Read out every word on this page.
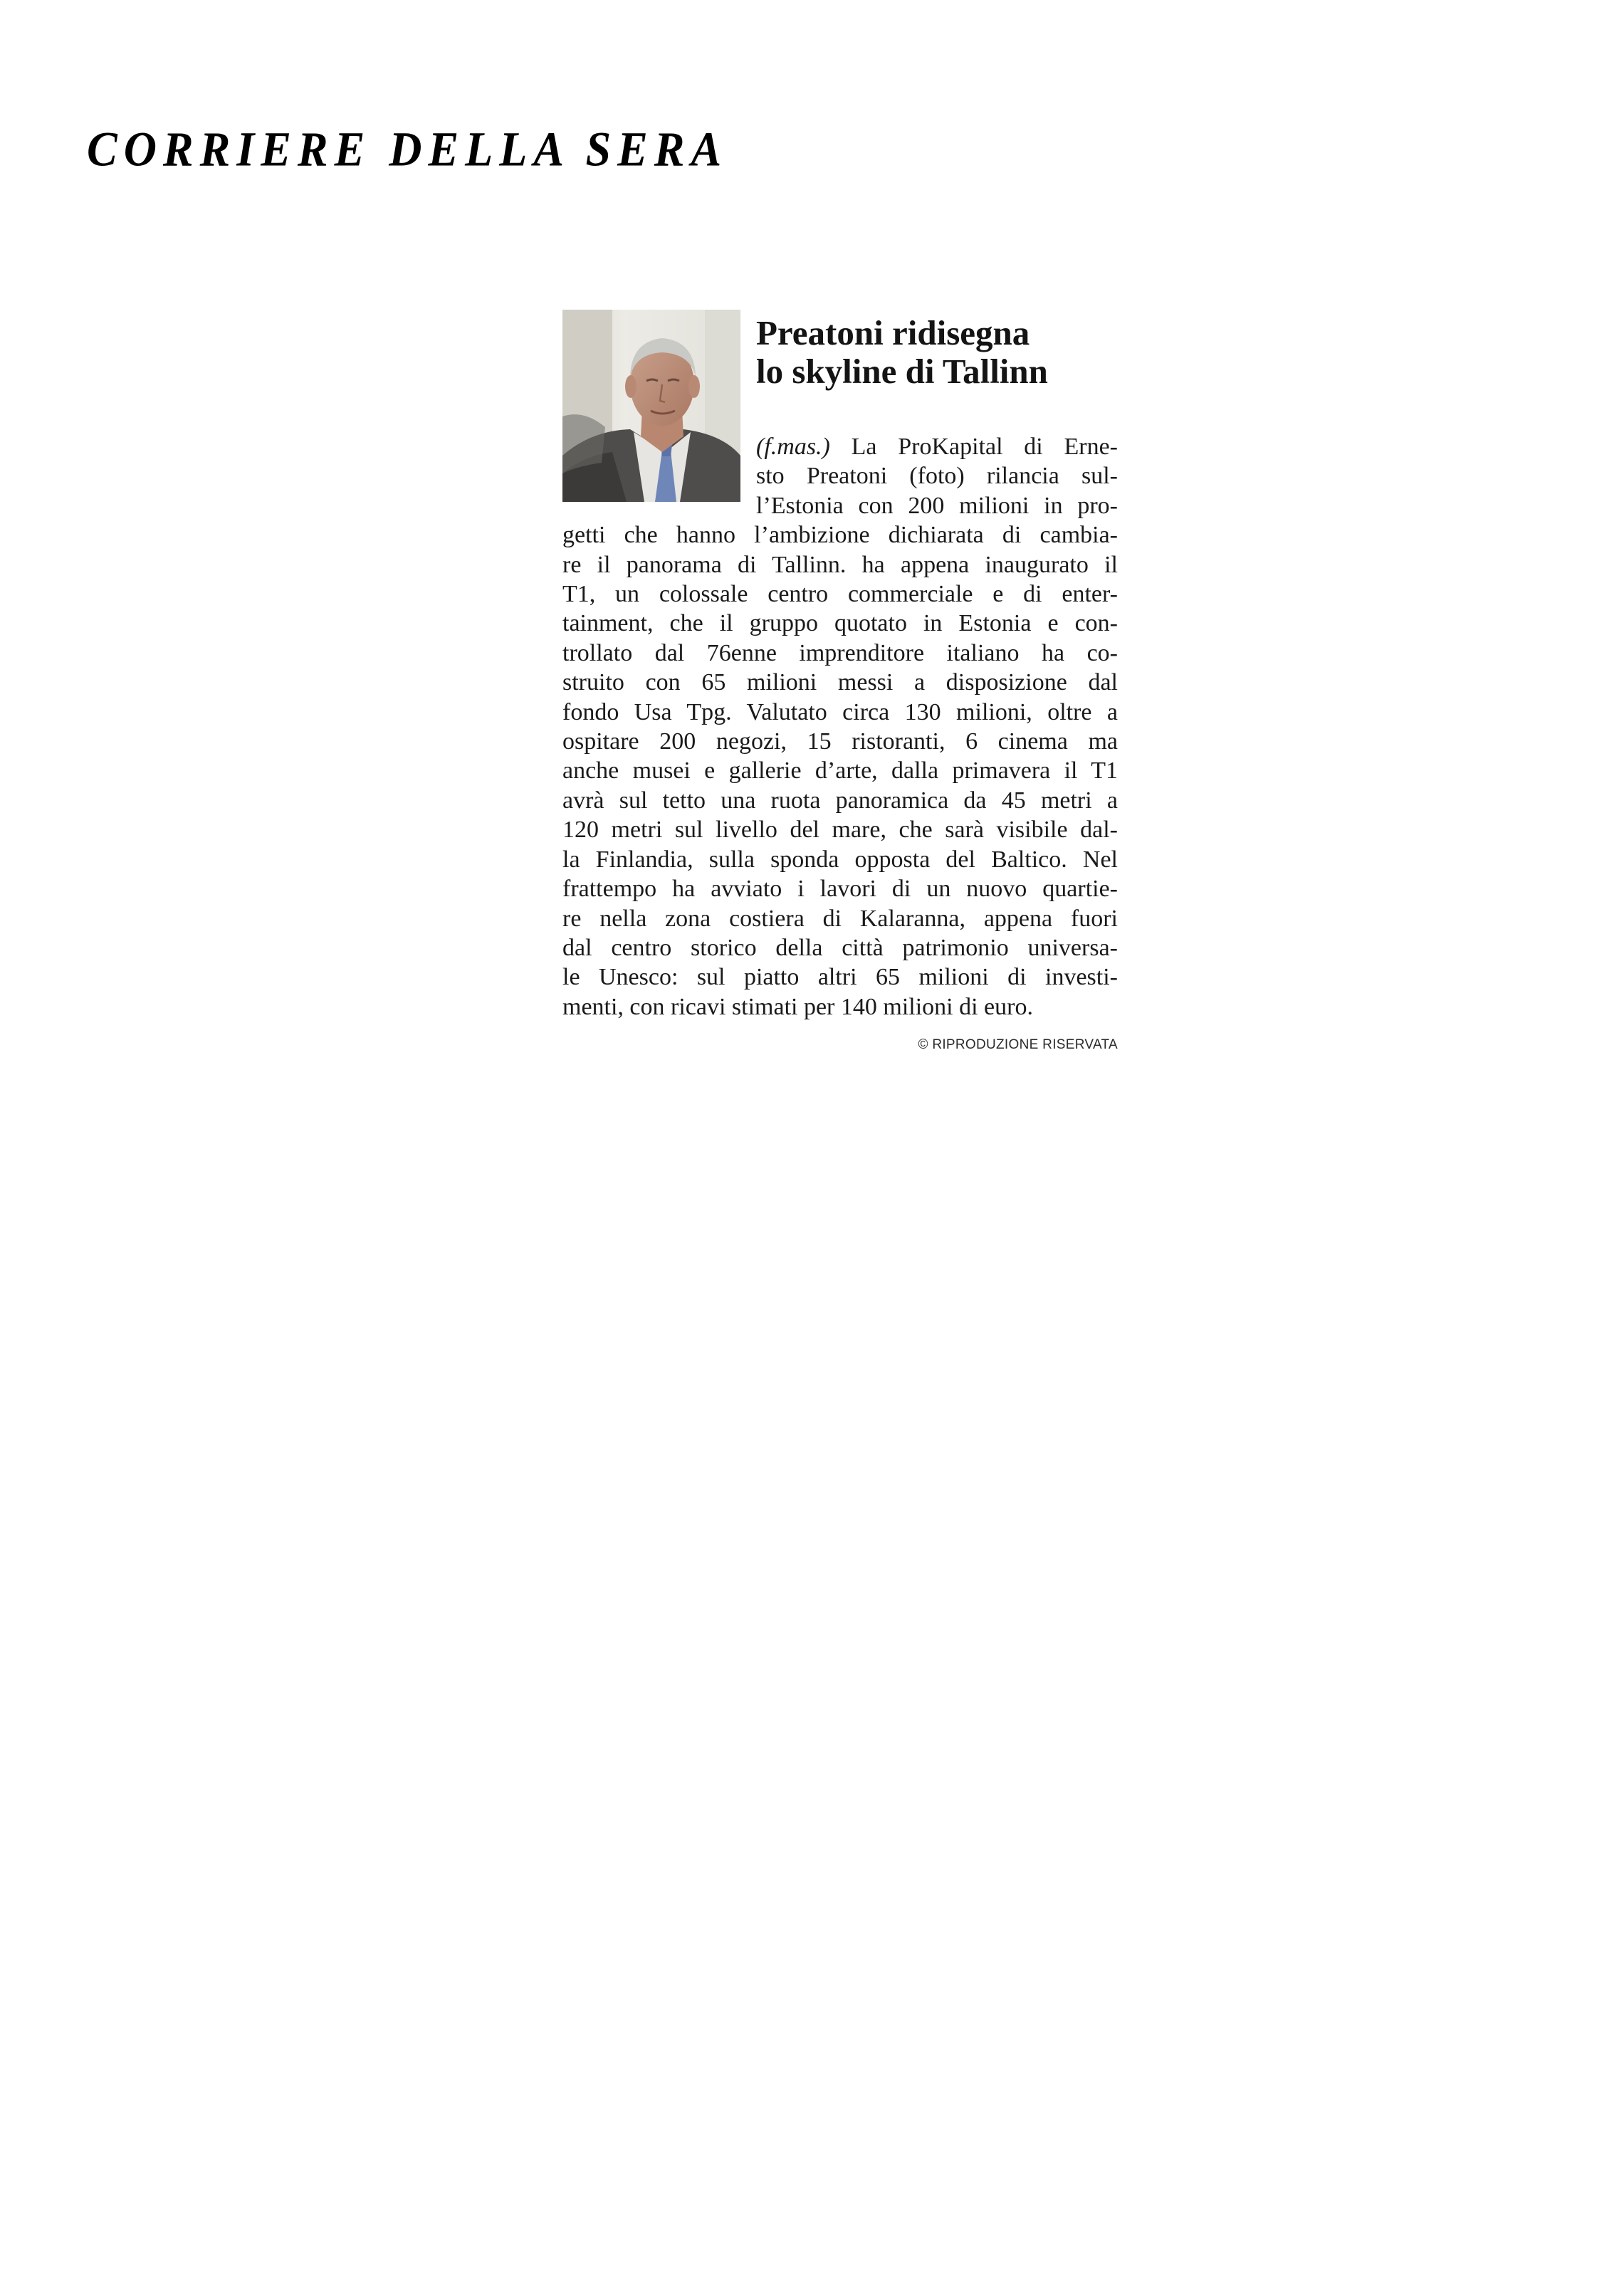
CORRIERE DELLA SERA
Preatoni ridisegna
lo skyline di Tallinn
(f.mas.) La ProKapital di Erne-
sto Preatoni (foto) rilancia sul-
l’Estonia con 200 milioni in pro-
getti che hanno l’ambizione dichiarata di cambia-
re il panorama di Tallinn. ha appena inaugurato il
T1, un colossale centro commerciale e di enter-
tainment, che il gruppo quotato in Estonia e con-
trollato dal 76enne imprenditore italiano ha co-
struito con 65 milioni messi a disposizione dal
fondo Usa Tpg. Valutato circa 130 milioni, oltre a
ospitare 200 negozi, 15 ristoranti, 6 cinema ma
anche musei e gallerie d’arte, dalla primavera il T1
avrà sul tetto una ruota panoramica da 45 metri a
120 metri sul livello del mare, che sarà visibile dal-
la Finlandia, sulla sponda opposta del Baltico. Nel
frattempo ha avviato i lavori di un nuovo quartie-
re nella zona costiera di Kalaranna, appena fuori
dal centro storico della città patrimonio universa-
le Unesco: sul piatto altri 65 milioni di investi-
menti, con ricavi stimati per 140 milioni di euro.
© RIPRODUZIONE RISERVATA
